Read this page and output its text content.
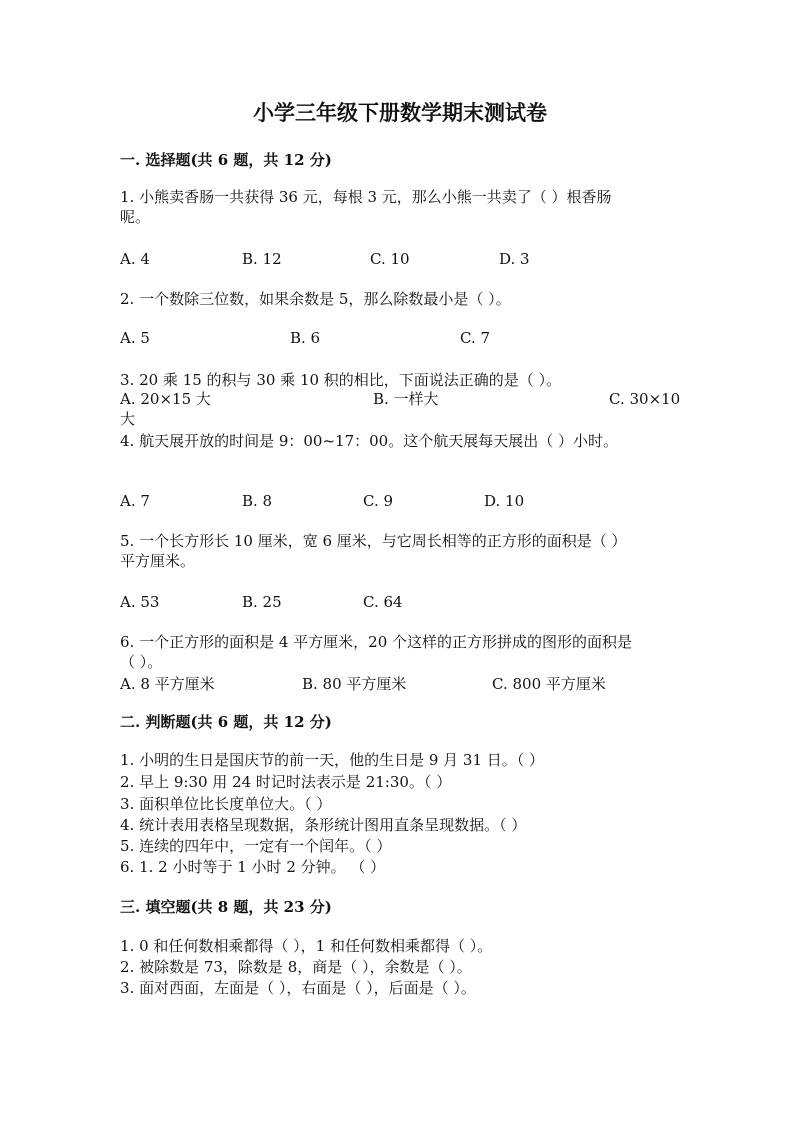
小学三年级下册数学期末测试卷
一. 选择题(共 6 题，共 12 分)
1. 小熊卖香肠一共获得 36 元，每根 3 元，那么小熊一共卖了（ ）根香肠
呢。
A. 4	B. 12	C. 10	D. 3
2. 一个数除三位数，如果余数是 5，那么除数最小是（ ）。
A. 5	B. 6	C. 7
3. 20 乘 15 的积与 30 乘 10 积的相比，下面说法正确的是（ ）。
A. 20×15 大	B. 一样大	C. 30×10
大
4. 航天展开放的时间是 9：00~17：00。这个航天展每天展出（ ）小时。
A. 7	B. 8	C. 9	D. 10
5. 一个长方形长 10 厘米，宽 6 厘米，与它周长相等的正方形的面积是（ ）
平方厘米。
A. 53	B. 25	C. 64
6. 一个正方形的面积是 4 平方厘米，20 个这样的正方形拼成的图形的面积是
（ ）。
A. 8 平方厘米	B. 80 平方厘米	C. 800 平方厘米
二. 判断题(共 6 题，共 12 分)
1. 小明的生日是国庆节的前一天，他的生日是 9 月 31 日。（ ）
2. 早上 9:30 用 24 时记时法表示是 21:30。（ ）
3. 面积单位比长度单位大。（ ）
4. 统计表用表格呈现数据，条形统计图用直条呈现数据。（ ）
5. 连续的四年中，一定有一个闰年。（ ）
6. 1. 2 小时等于 1 小时 2 分钟。 （ ）
三. 填空题(共 8 题，共 23 分)
1. 0 和任何数相乘都得（ ），1 和任何数相乘都得（ ）。
2. 被除数是 73，除数是 8，商是（ ），余数是（ ）。
3. 面对西面，左面是（ ），右面是（ ），后面是（ ）。
